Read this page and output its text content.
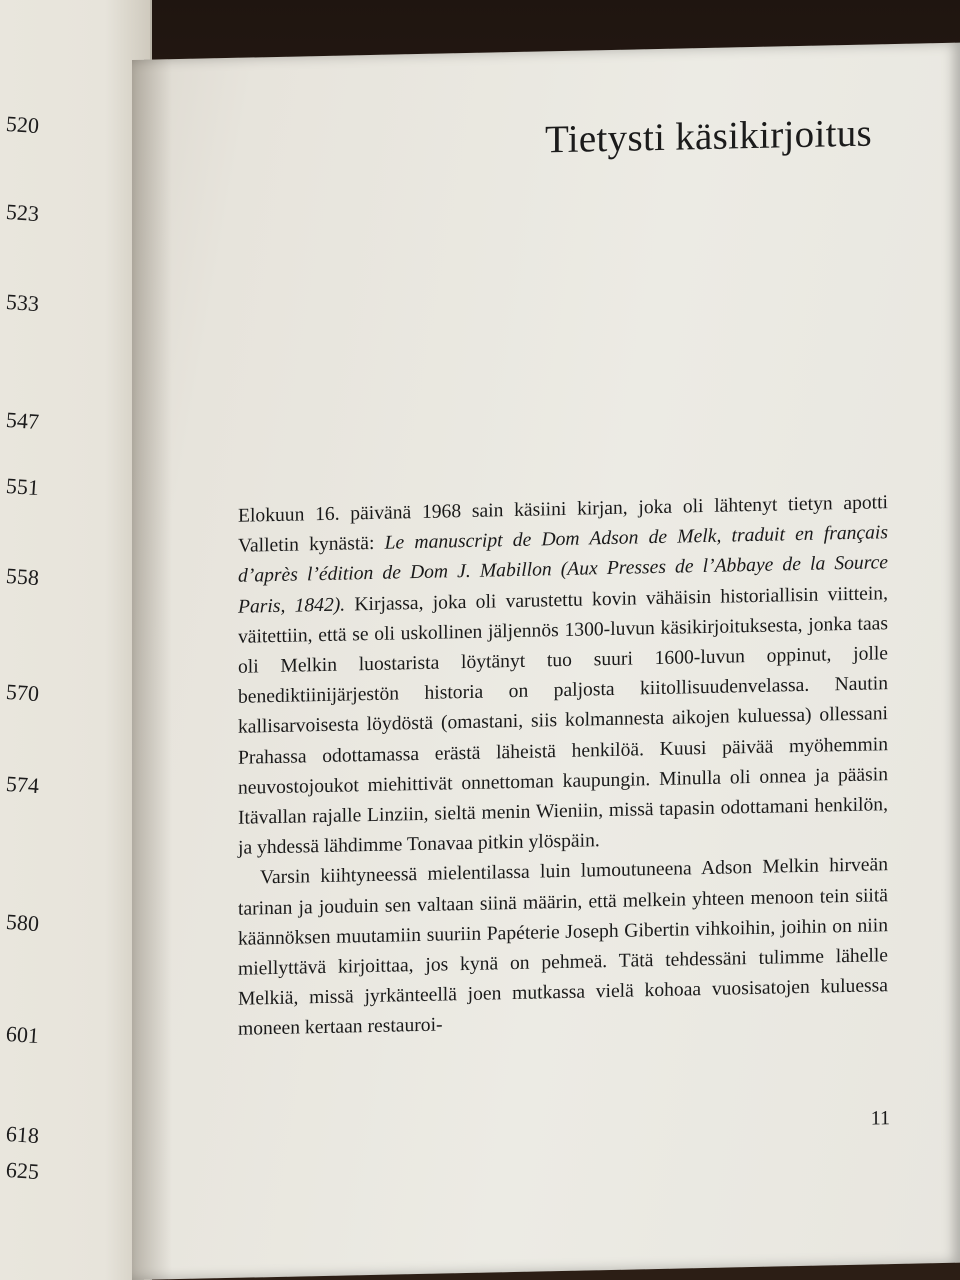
520
523
533
547
551
558
570
574
580
601
618
625
Tietysti käsikirjoitus

Elokuun 16. päivänä 1968 sain käsiini kirjan, joka oli lähtenyt tietyn apotti Valletin kynästä: Le manuscript de Dom Adson de Melk, traduit en français d’après l’édition de Dom J. Mabillon (Aux Presses de l’Abbaye de la Source Paris, 1842). Kirjassa, joka oli varustettu kovin vähäisin historiallisin viittein, väitettiin, että se oli uskollinen jäljennös 1300-luvun käsikirjoituksesta, jonka taas oli Melkin luostarista löytänyt tuo suuri 1600-luvun oppinut, jolle benediktiinijärjestön historia on paljosta kiitollisuudenvelassa. Nautin kallisarvoisesta löydöstä (omastani, siis kolmannesta aikojen kuluessa) ollessani Prahassa odottamassa erästä läheistä henkilöä. Kuusi päivää myöhemmin neuvostojoukot miehittivät onnettoman kaupungin. Minulla oli onnea ja pääsin Itävallan rajalle Linziin, sieltä menin Wieniin, missä tapasin odottamani henkilön, ja yhdessä lähdimme Tonavaa pitkin ylöspäin.

Varsin kiihtyneessä mielentilassa luin lumoutuneena Adson Melkin hirveän tarinan ja jouduin sen valtaan siinä määrin, että melkein yhteen menoon tein siitä käännöksen muutamiin suuriin Papéterie Joseph Gibertin vihkoihin, joihin on niin miellyttävä kirjoittaa, jos kynä on pehmeä. Tätä tehdessäni tulimme lähelle Melkiä, missä jyrkänteellä joen mutkassa vielä kohoaa vuosisatojen kuluessa moneen kertaan restauroi-

11
